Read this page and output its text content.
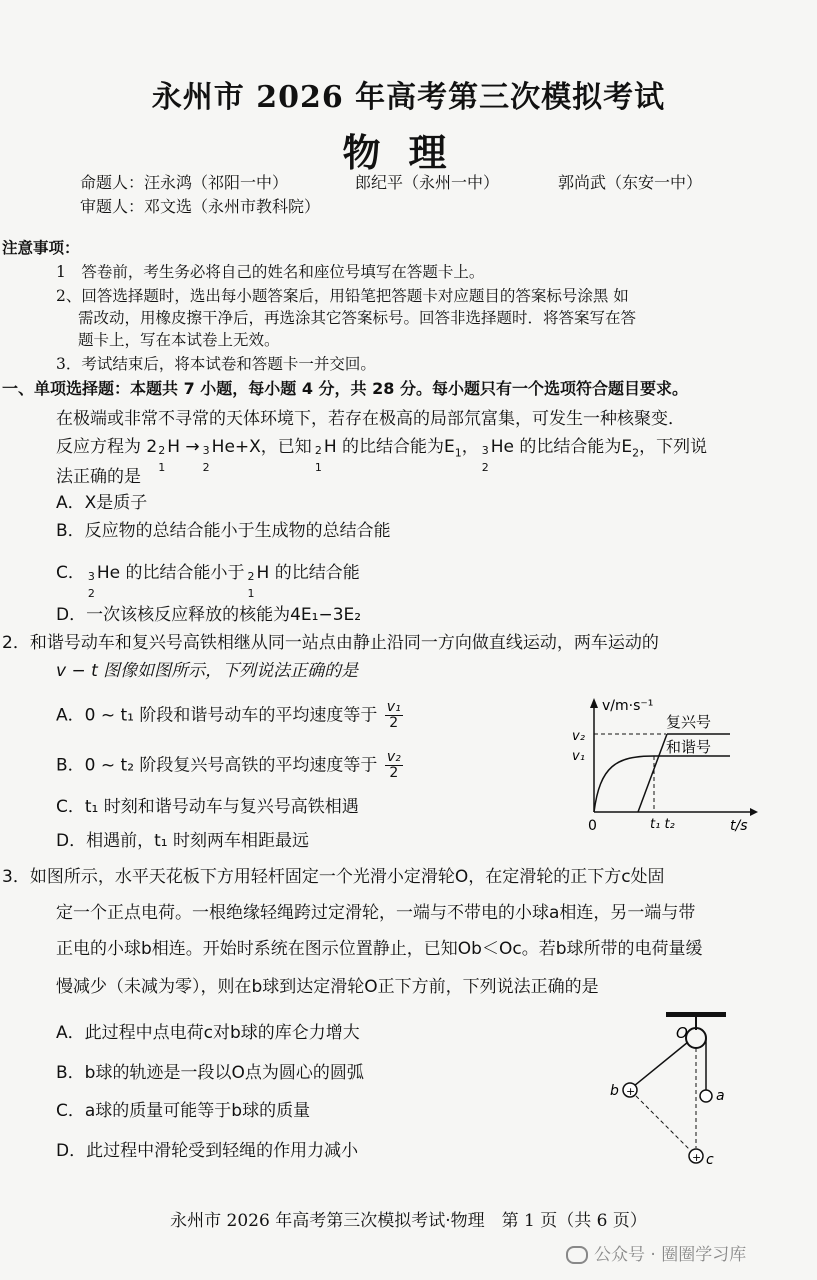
永州市 2026 年高考第三次模拟考试
物理
命题人：汪永鸿（祁阳一中）	郎纪平（永州一中）	郭尚武（东安一中）
审题人：邓文选（永州市教科院）
注意事项：
1　答卷前，考生务必将自己的姓名和座位号填写在答题卡上。
2、回答选择题时，选出每小题答案后，用铅笔把答题卡对应题目的答案标号涂黑 如
需改动，用橡皮擦干净后，再选涂其它答案标号。回答非选择题时．将答案写在答
题卡上，写在本试卷上无效。
3．考试结束后，将本试卷和答题卡一并交回。
一、单项选择题：本题共 7 小题，每小题 4 分，共 28 分。每小题只有一个选项符合题目要求。
在极端或非常不寻常的天体环境下，若存在极高的局部氘富集，可发生一种核聚变．
反应方程为 2 2
1
H → 3
2
He+X，已知 2
1
H 的比结合能为$E_1$， 3
2
He 的比结合能为$E_2$，下列说
法正确的是
A．X是质子
B．反应物的总结合能小于生成物的总结合能
C． 3
2
He 的比结合能小于 2
1
H 的比结合能
D．一次该核反应释放的核能为4E₁−3E₂
2．和谐号动车和复兴号高铁相继从同一站点由静止沿同一方向做直线运动，两车运动的
v − t 图像如图所示，下列说法正确的是
A．0 ~ t₁ 阶段和谐号动车的平均速度等于 $\frac{\text{v₁}}{2}$
B．0 ~ t₂ 阶段复兴号高铁的平均速度等于 $\frac{\text{v₂}}{2}$
C．t₁ 时刻和谐号动车与复兴号高铁相遇
D．相遇前，t₁ 时刻两车相距最远
v/m·s⁻¹
t/s
0
v₂
v₁
t₁ t₂
复兴号
和谐号
3．如图所示，水平天花板下方用轻杆固定一个光滑小定滑轮O，在定滑轮的正下方c处固
定一个正点电荷。一根绝缘轻绳跨过定滑轮，一端与不带电的小球a相连，另一端与带
正电的小球b相连。开始时系统在图示位置静止，已知Ob＜Oc。若b球所带的电荷量缓
慢减少（未减为零），则在b球到达定滑轮O正下方前，下列说法正确的是
A．此过程中点电荷c对b球的库仑力增大
B．b球的轨迹是一段以O点为圆心的圆弧
C．a球的质量可能等于b球的质量
D．此过程中滑轮受到轻绳的作用力减小
O
a
+
b
+ c
永州市 2026 年高考第三次模拟考试·物理　第 1 页（共 6 页）
公众号 · 圈圈学习库
